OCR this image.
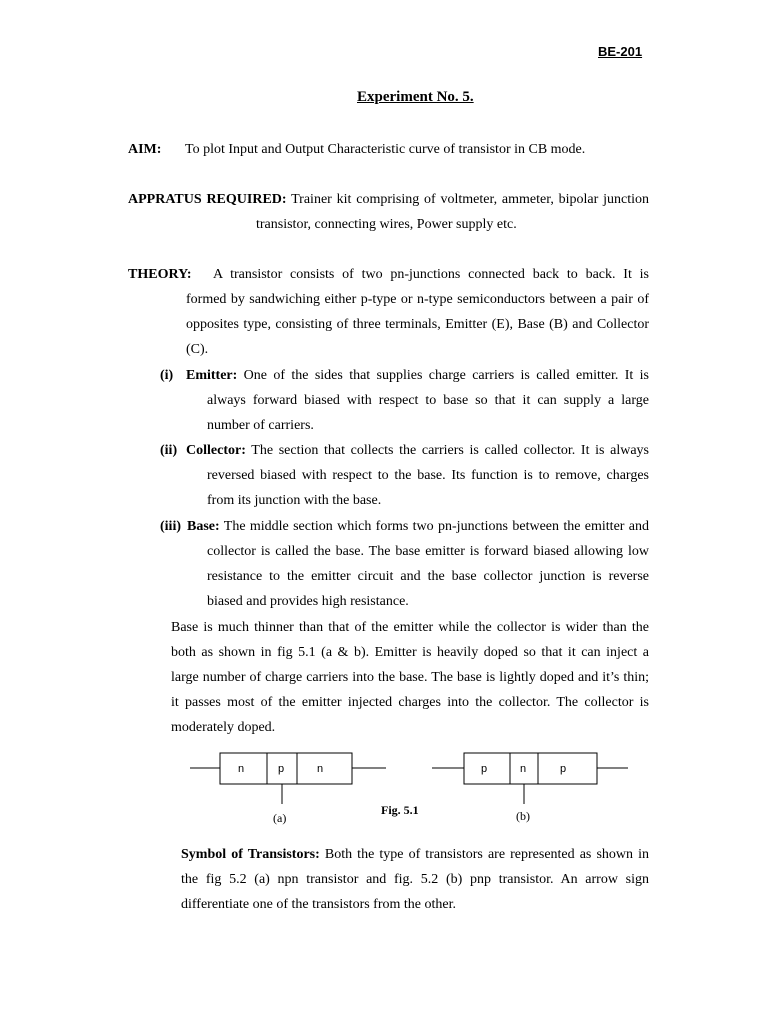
BE-201
Experiment No. 5.
AIM: To plot Input and Output Characteristic curve of transistor in CB mode.
APPRATUS REQUIRED: Trainer kit comprising of voltmeter, ammeter, bipolar junction
transistor, connecting wires, Power supply etc.
THEORY: A transistor consists of two pn-junctions connected back to back. It is
formed by sandwiching either p-type or n-type semiconductors between a pair of
opposites type, consisting of three terminals, Emitter (E), Base (B) and Collector
(C).
(i) Emitter: One of the sides that supplies charge carriers is called emitter. It is
always forward biased with respect to base so that it can supply a large
number of carriers.
(ii) Collector: The section that collects the carriers is called collector. It is always
reversed biased with respect to the base. Its function is to remove, charges
from its junction with the base.
(iii) Base: The middle section which forms two pn-junctions between the emitter and
collector is called the base. The base emitter is forward biased allowing low
resistance to the emitter circuit and the base collector junction is reverse
biased and provides high resistance.
Base is much thinner than that of the emitter while the collector is wider than the
both as shown in fig 5.1 (a & b). Emitter is heavily doped so that it can inject a
large number of charge carriers into the base. The base is lightly doped and it’s thin;
it passes most of the emitter injected charges into the collector. The collector is
moderately doped.
n	p	n	p	n	p
(a)
Fig. 5.1	(b)
Symbol of Transistors: Both the type of transistors are represented as shown in
the fig 5.2 (a) npn transistor and fig. 5.2 (b) pnp transistor. An arrow sign
differentiate one of the transistors from the other.
